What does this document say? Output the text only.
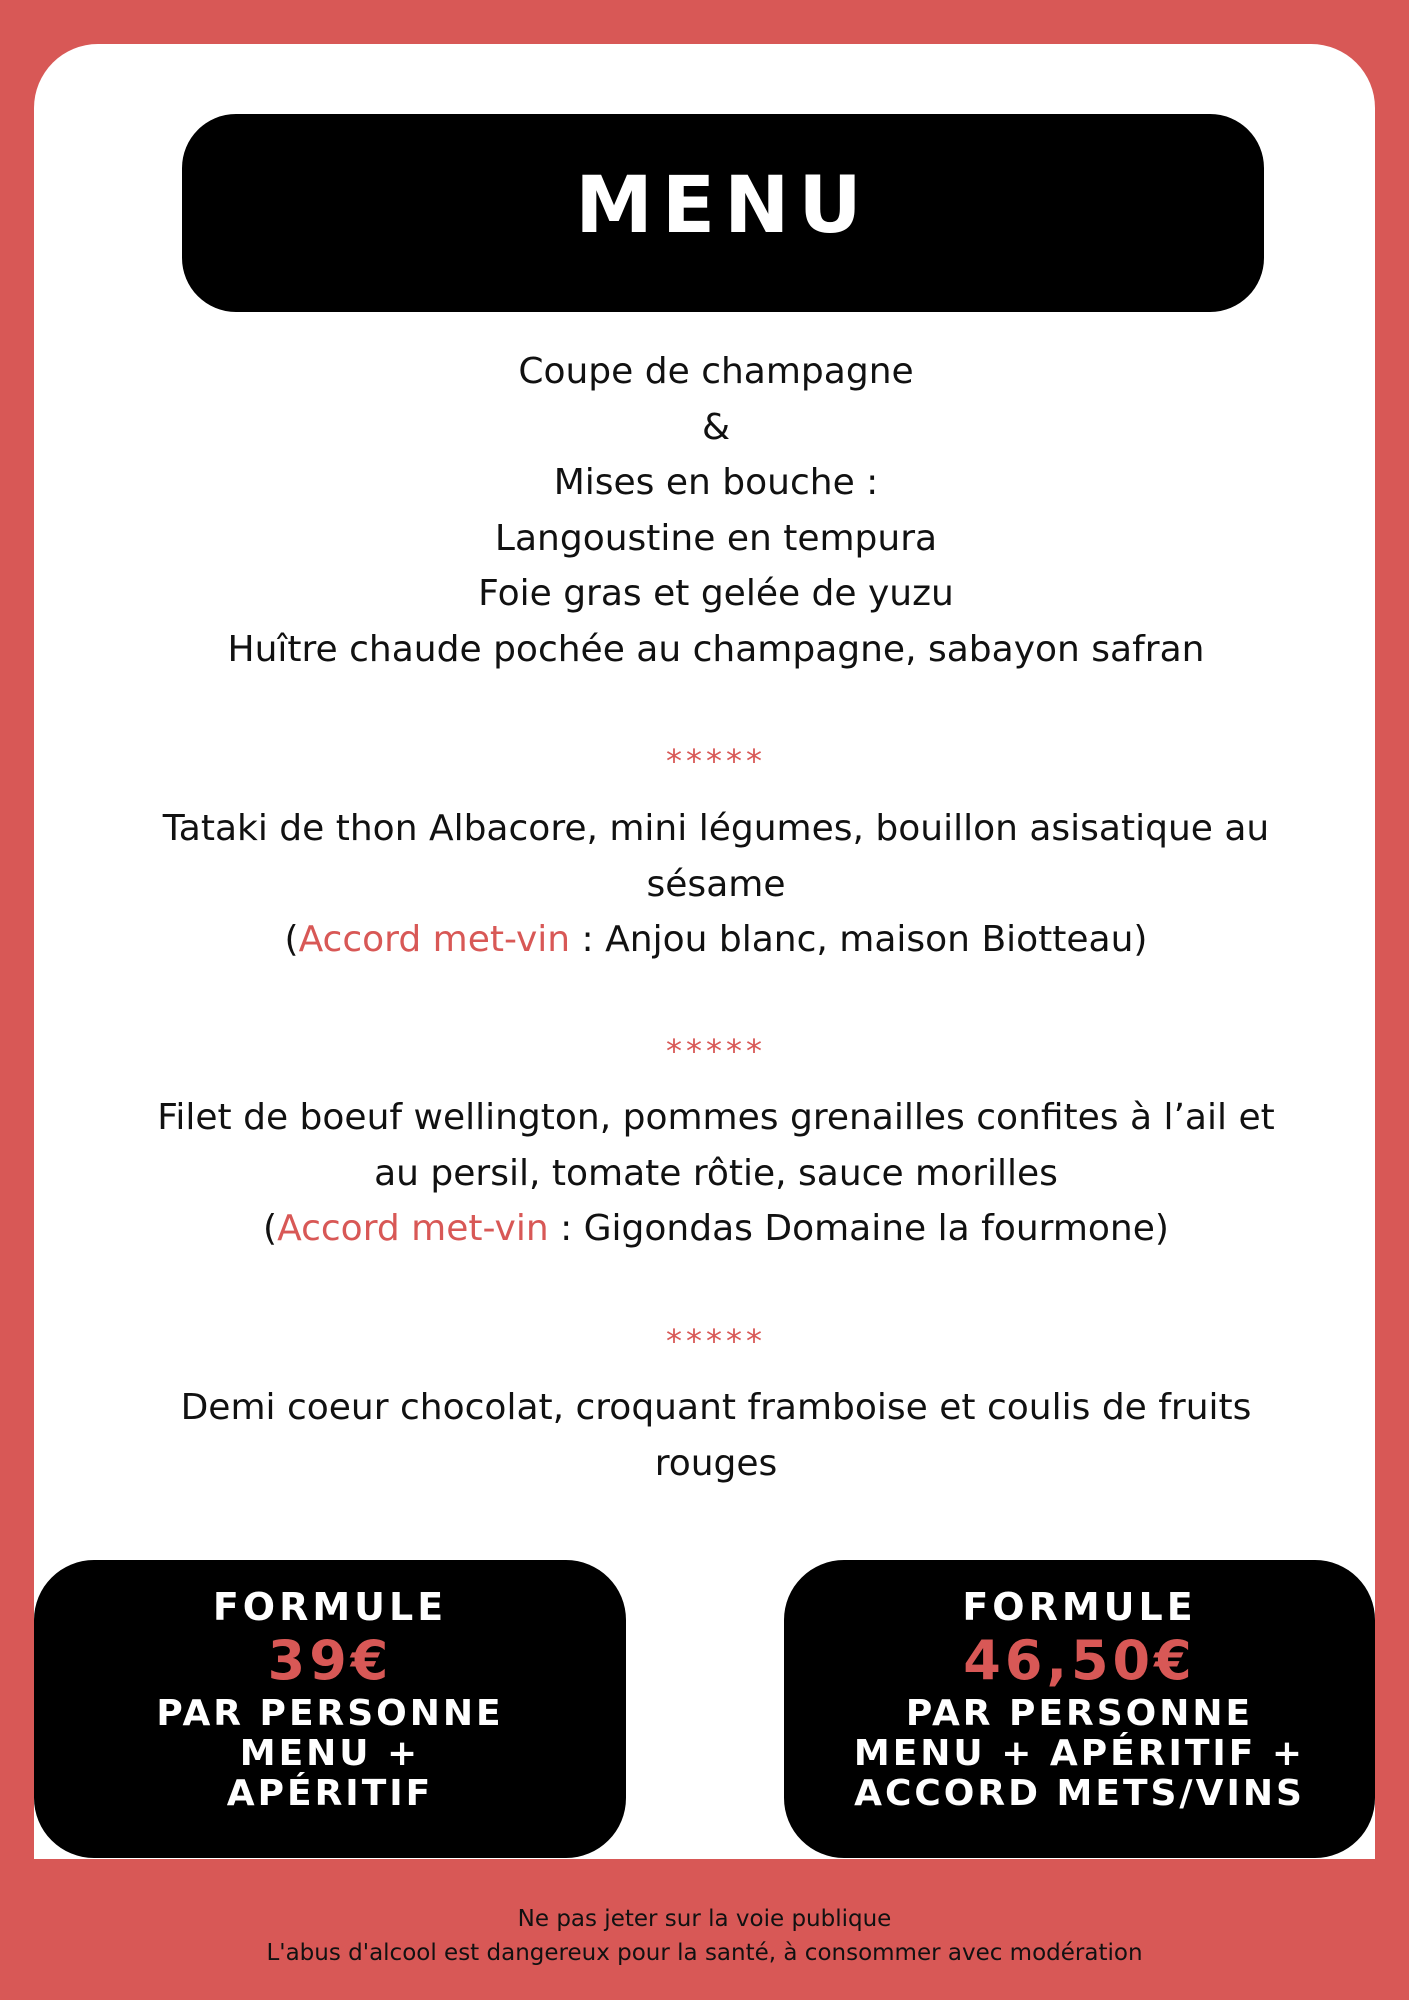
MENU
Coupe de champagne
&
Mises en bouche :
Langoustine en tempura
Foie gras et gelée de yuzu
Huître chaude pochée au champagne, sabayon safran
*****
Tataki de thon Albacore, mini légumes, bouillon asisatique au
sésame
(Accord met-vin : Anjou blanc, maison Biotteau)
*****
Filet de boeuf wellington, pommes grenailles confites à l’ail et
au persil, tomate rôtie, sauce morilles
(Accord met-vin : Gigondas Domaine la fourmone)
*****
Demi coeur chocolat, croquant framboise et coulis de fruits
rouges
FORMULE
39€
PAR PERSONNE
MENU +
APÉRITIF
FORMULE
46,50€
PAR PERSONNE
MENU + APÉRITIF +
ACCORD METS/VINS
Ne pas jeter sur la voie publique
L'abus d'alcool est dangereux pour la santé, à consommer avec modération
